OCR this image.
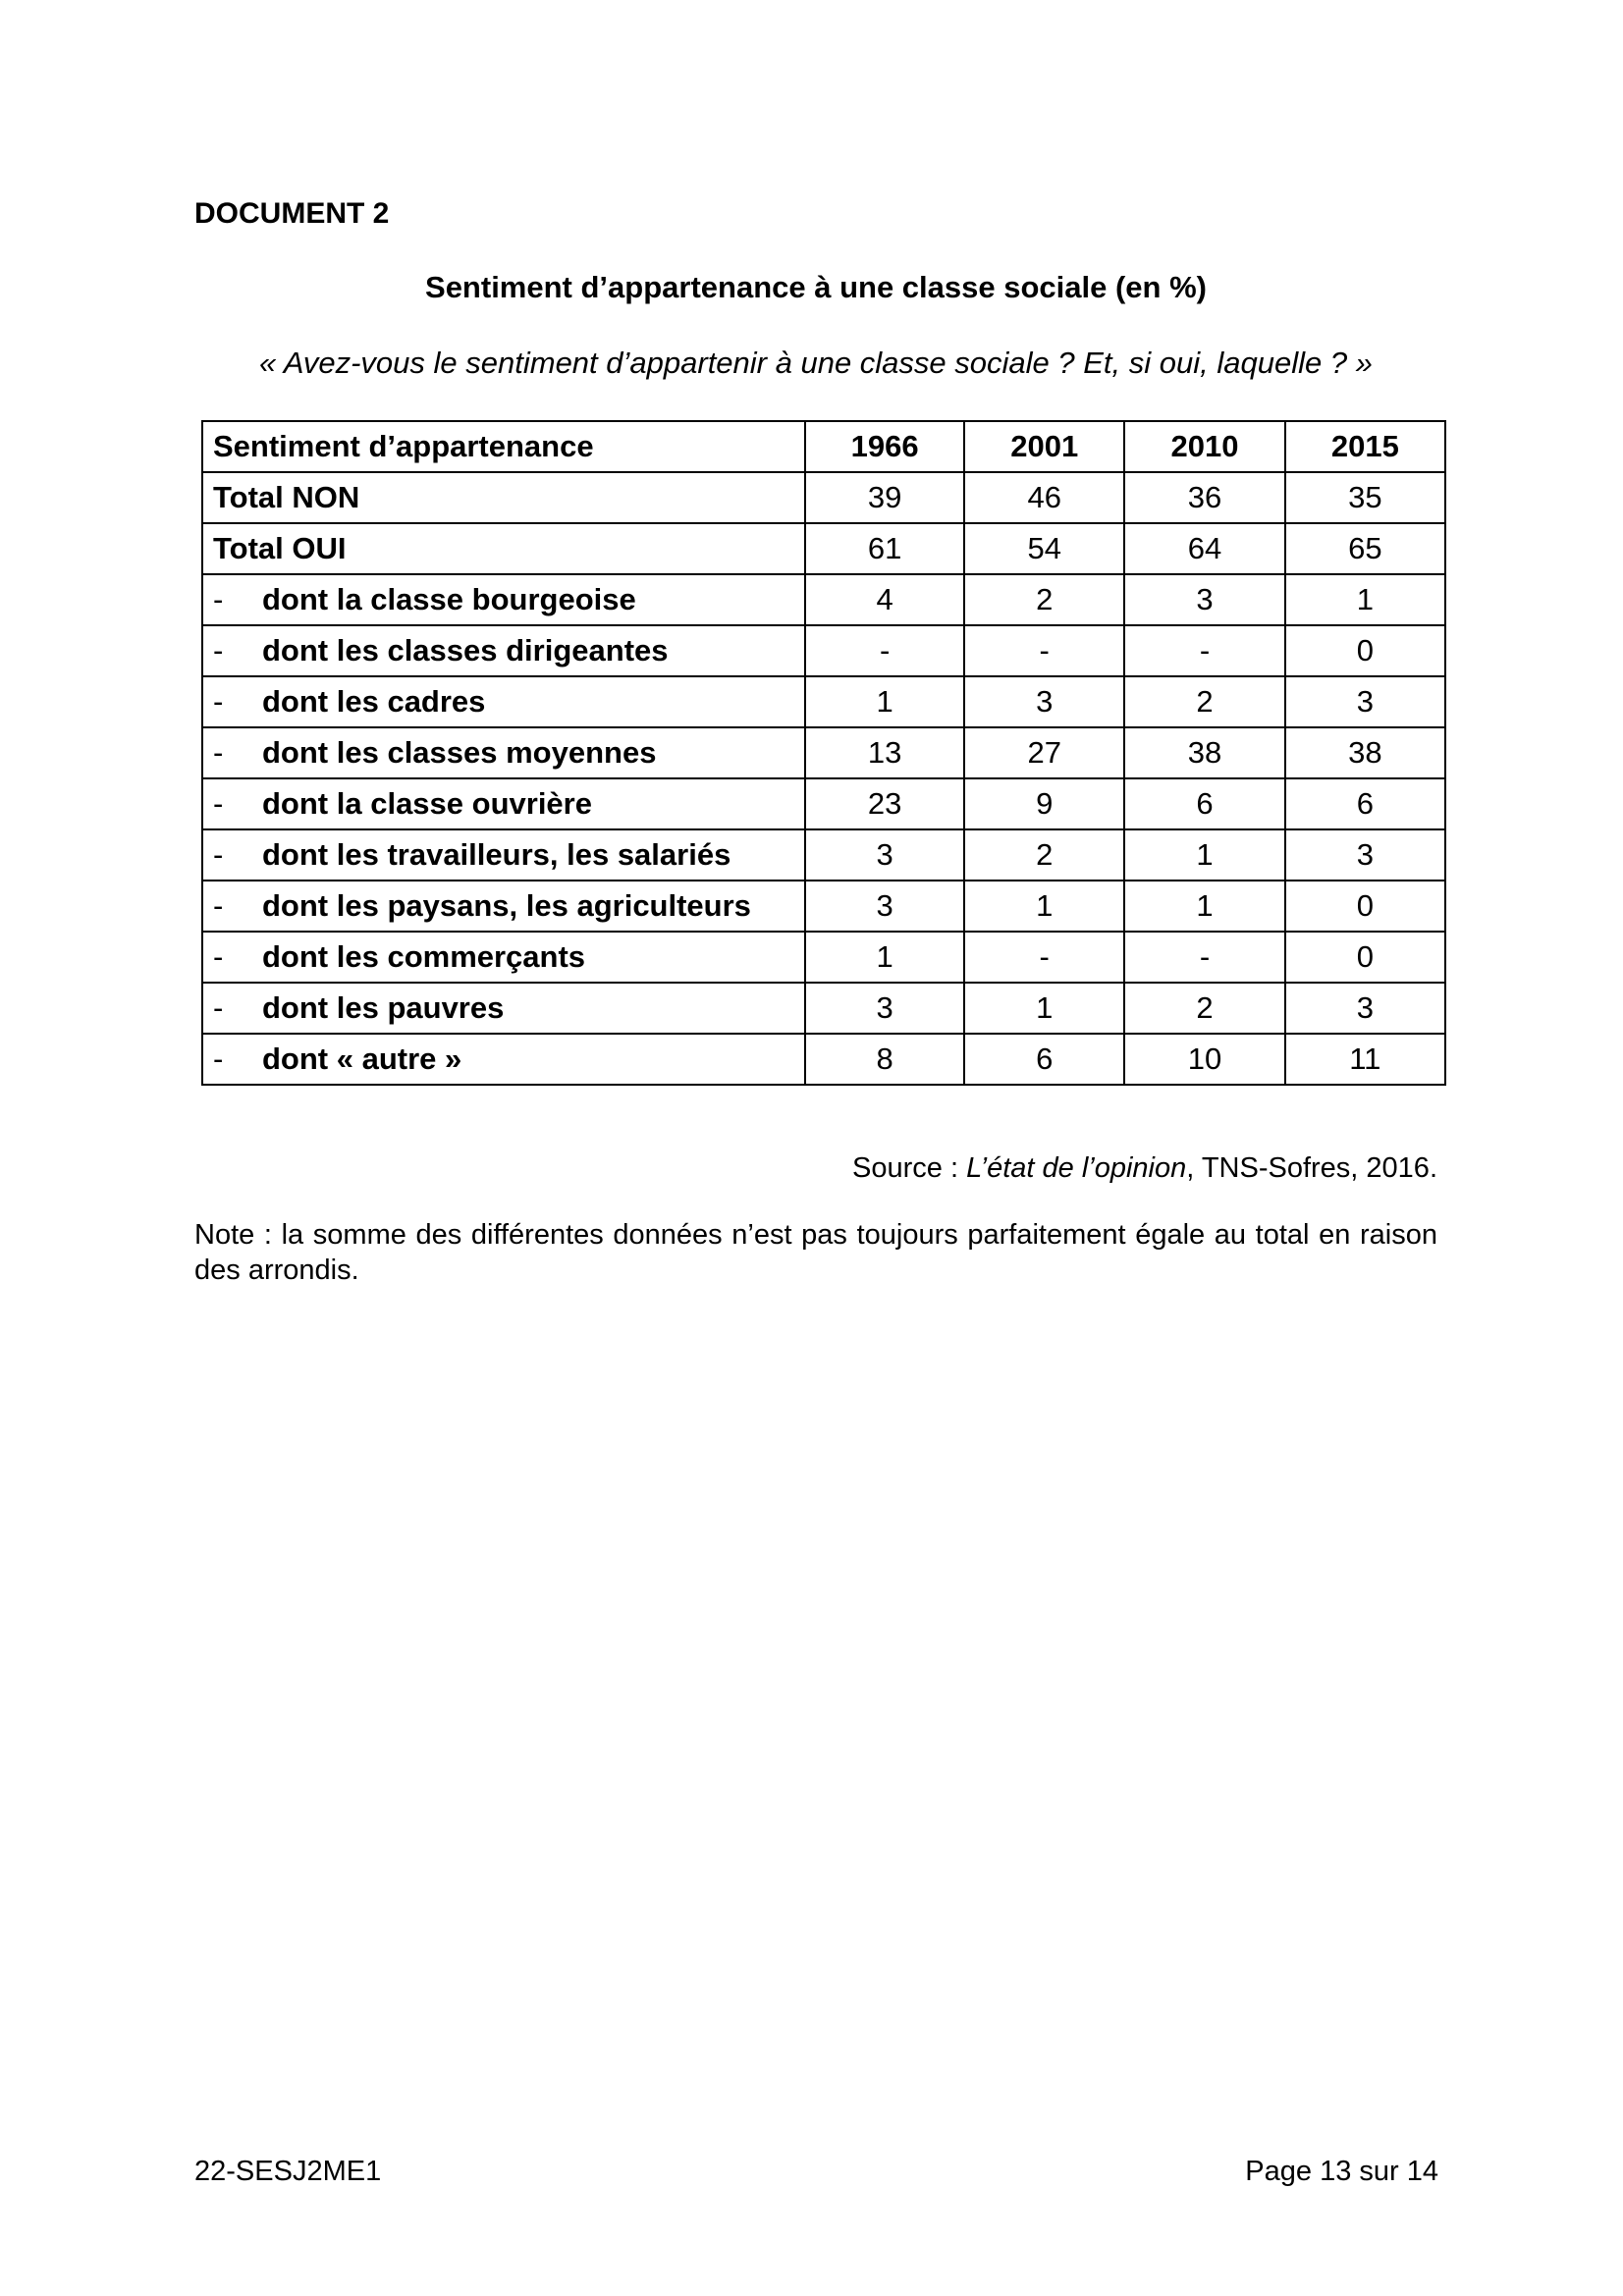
DOCUMENT 2
Sentiment d’appartenance à une classe sociale (en %)
« Avez-vous le sentiment d’appartenir à une classe sociale ? Et, si oui, laquelle ? »
Sentiment d’appartenance	1966	2001	2010	2015
Total NON	39	46	36	35
Total OUI	61	54	64	65
- dont la classe bourgeoise	4	2	3	1
- dont les classes dirigeantes	-	-	-	0
- dont les cadres	1	3	2	3
- dont les classes moyennes	13	27	38	38
- dont la classe ouvrière	23	9	6	6
- dont les travailleurs, les salariés	3	2	1	3
- dont les paysans, les agriculteurs	3	1	1	0
- dont les commerçants	1	-	-	0
- dont les pauvres	3	1	2	3
- dont « autre »	8	6	10	11
Source : L’état de l’opinion, TNS-Sofres, 2016.
Note : la somme des différentes données n’est pas toujours parfaitement égale au total en raison des arrondis.
22-SESJ2ME1	Page 13 sur 14
